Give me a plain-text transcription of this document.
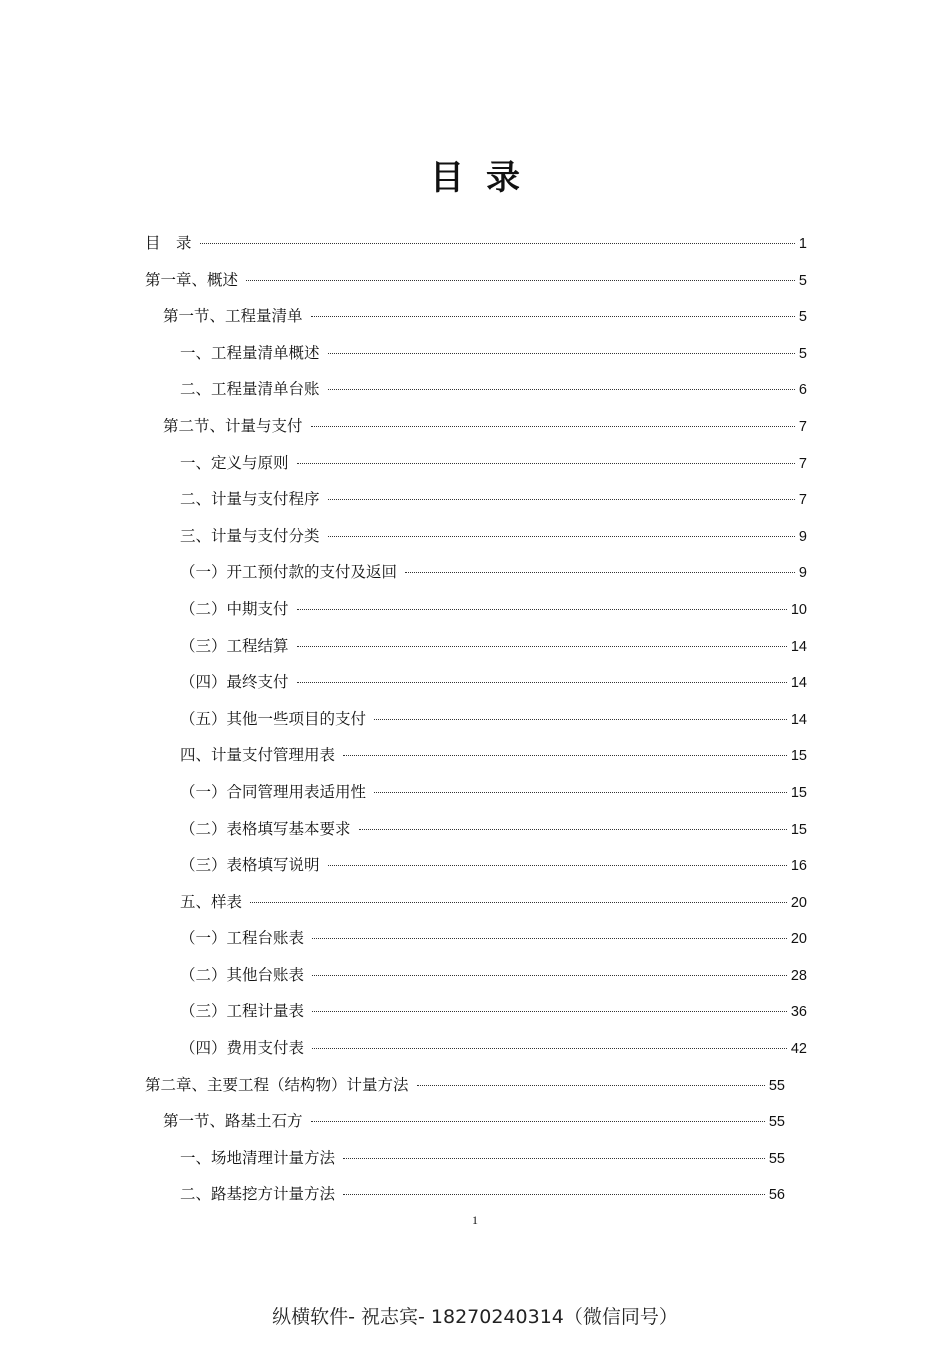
目录
目　录	1
第一章、概述	5
第一节、工程量清单	5
一、工程量清单概述	5
二、工程量清单台账	6
第二节、计量与支付	7
一、定义与原则	7
二、计量与支付程序	7
三、计量与支付分类	9
（一）开工预付款的支付及返回	9
（二）中期支付	10
（三）工程结算	14
（四）最终支付	14
（五）其他一些项目的支付	14
四、计量支付管理用表	15
（一）合同管理用表适用性	15
（二）表格填写基本要求	15
（三）表格填写说明	16
五、样表	20
（一）工程台账表	20
（二）其他台账表	28
（三）工程计量表	36
（四）费用支付表	42
第二章、主要工程（结构物）计量方法	55
第一节、路基土石方	55
一、场地清理计量方法	55
二、路基挖方计量方法	56
1
纵横软件- 祝志宾- 18270240314（微信同号）
